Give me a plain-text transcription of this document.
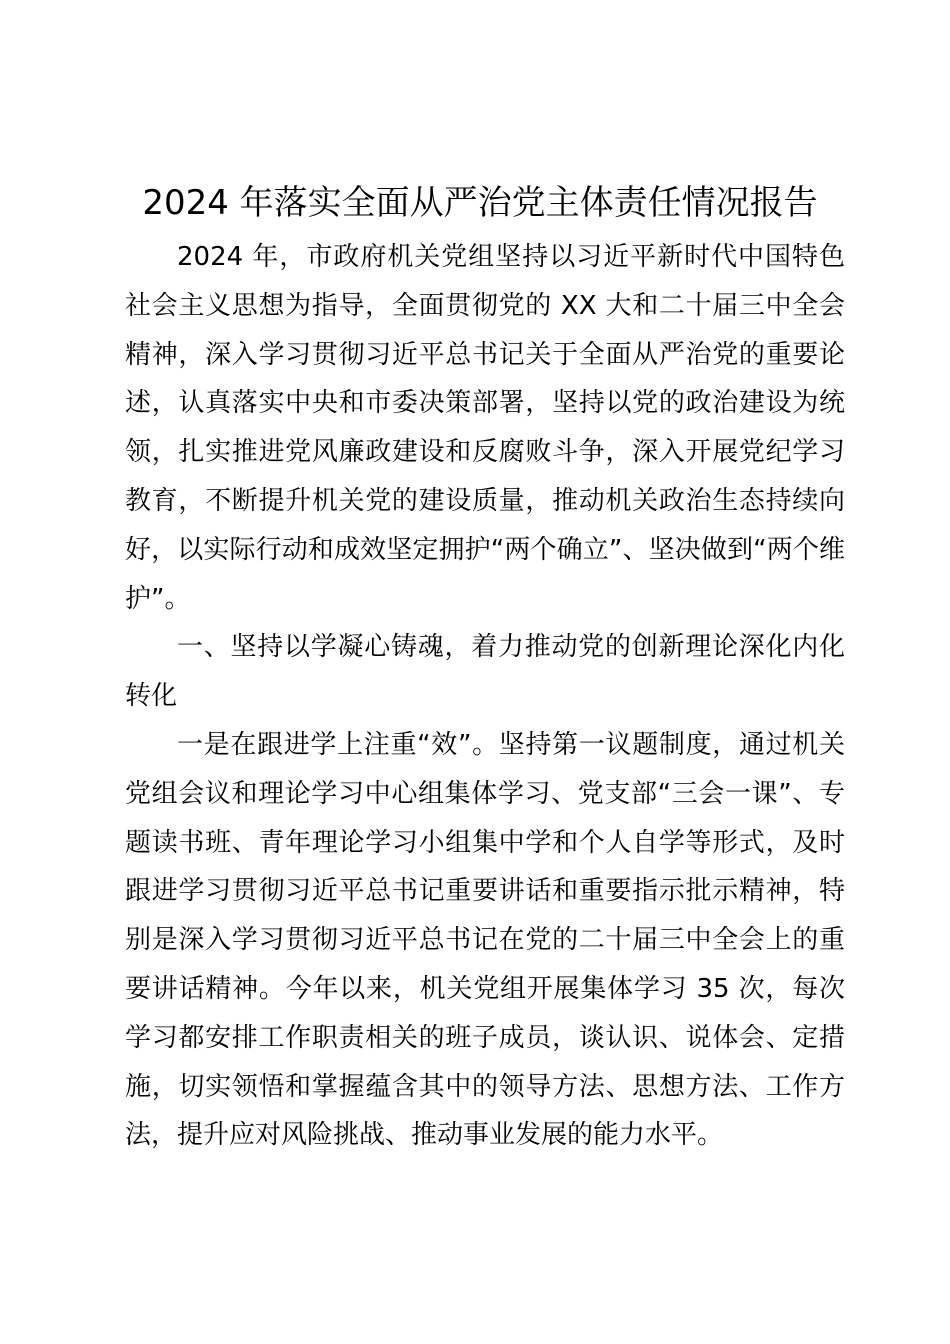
2024 年落实全面从严治党主体责任情况报告

2024 年，市政府机关党组坚持以习近平新时代中国特色社会主义思想为指导，全面贯彻党的 XX 大和二十届三中全会精神，深入学习贯彻习近平总书记关于全面从严治党的重要论述，认真落实中央和市委决策部署，坚持以党的政治建设为统领，扎实推进党风廉政建设和反腐败斗争，深入开展党纪学习教育，不断提升机关党的建设质量，推动机关政治生态持续向好，以实际行动和成效坚定拥护“两个确立”、坚决做到“两个维护”。

一、坚持以学凝心铸魂，着力推动党的创新理论深化内化转化

一是在跟进学上注重“效”。坚持第一议题制度，通过机关党组会议和理论学习中心组集体学习、党支部“三会一课”、专题读书班、青年理论学习小组集中学和个人自学等形式，及时跟进学习贯彻习近平总书记重要讲话和重要指示批示精神，特别是深入学习贯彻习近平总书记在党的二十届三中全会上的重要讲话精神。今年以来，机关党组开展集体学习 35 次，每次学习都安排工作职责相关的班子成员，谈认识、说体会、定措施，切实领悟和掌握蕴含其中的领导方法、思想方法、工作方法，提升应对风险挑战、推动事业发展的能力水平。
